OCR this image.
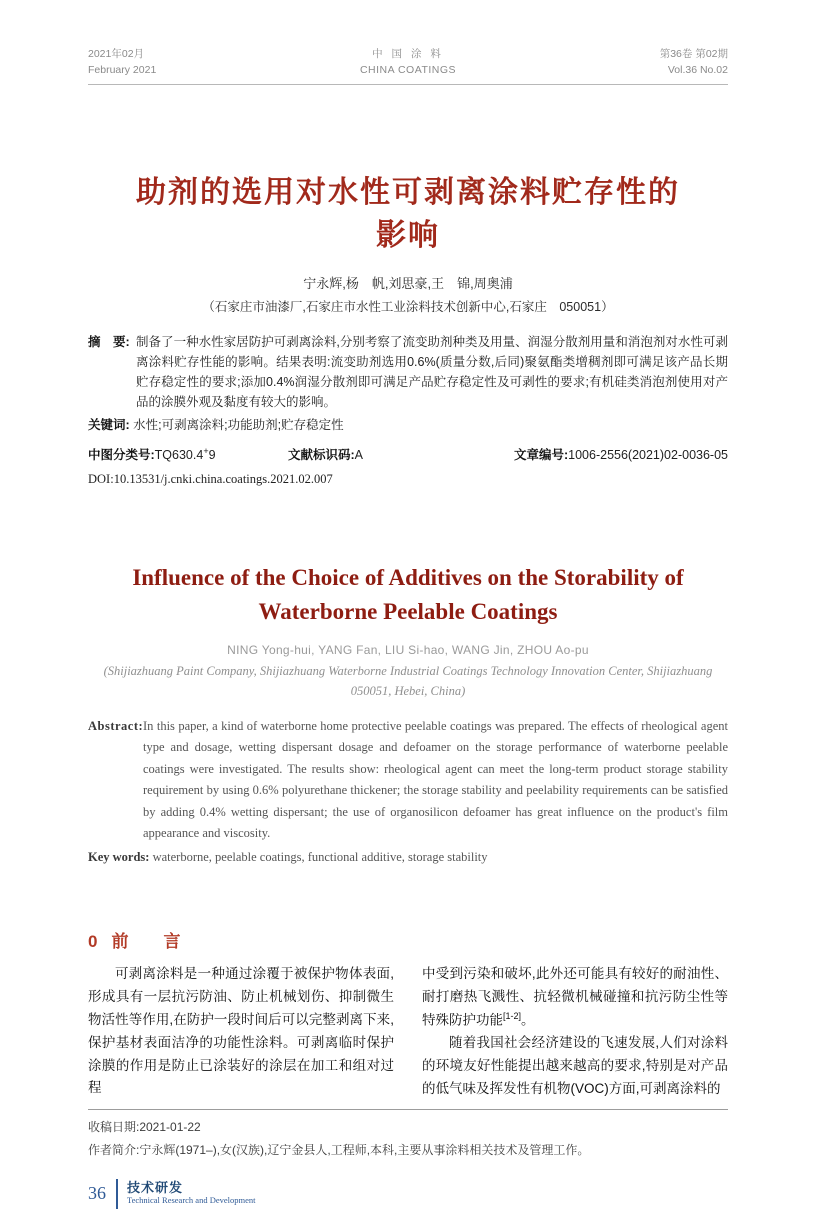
2021年02月
February 2021
中 国 涂 料
CHINA COATINGS
第36卷 第02期
Vol.36 No.02
助剂的选用对水性可剥离涂料贮存性的
影响
宁永辉,杨　帆,刘思豪,王　锦,周奥浦
（石家庄市油漆厂,石家庄市水性工业涂料技术创新中心,石家庄　050051）
摘　要: 制备了一种水性家居防护可剥离涂料,分别考察了流变助剂种类及用量、润湿分散剂用量和消泡剂对水性可剥离涂料贮存性能的影响。结果表明:流变助剂选用0.6%(质量分数,后同)聚氨酯类增稠剂即可满足该产品长期贮存稳定性的要求;添加0.4%润湿分散剂即可满足产品贮存稳定性及可剥性的要求;有机硅类消泡剂使用对产品的涂膜外观及黏度有较大的影响。
关键词: 水性;可剥离涂料;功能助剂;贮存稳定性
中图分类号:TQ630.4+9	文献标识码:A	文章编号:1006-2556(2021)02-0036-05
DOI:10.13531/j.cnki.china.coatings.2021.02.007
Influence of the Choice of Additives on the Storability of
Waterborne Peelable Coatings
NING Yong-hui, YANG Fan, LIU Si-hao, WANG Jin, ZHOU Ao-pu
(Shijiazhuang Paint Company, Shijiazhuang Waterborne Industrial Coatings Technology Innovation Center, Shijiazhuang 050051, Hebei, China)
Abstract: In this paper, a kind of waterborne home protective peelable coatings was prepared. The effects of rheological agent type and dosage, wetting dispersant dosage and defoamer on the storage performance of waterborne peelable coatings were investigated. The results show: rheological agent can meet the long-term product storage stability requirement by using 0.6% polyurethane thickener; the storage stability and peelability requirements can be satisfied by adding 0.4% wetting dispersant; the use of organosilicon defoamer has great influence on the product's film appearance and viscosity.
Key words: waterborne, peelable coatings, functional additive, storage stability
0 前　言

可剥离涂料是一种通过涂覆于被保护物体表面,形成具有一层抗污防油、防止机械划伤、抑制微生物活性等作用,在防护一段时间后可以完整剥离下来,保护基材表面洁净的功能性涂料。可剥离临时保护涂膜的作用是防止已涂装好的涂层在加工和组对过程

中受到污染和破坏,此外还可能具有较好的耐油性、耐打磨热飞溅性、抗轻微机械碰撞和抗污防尘性等特殊防护功能[1-2]。

随着我国社会经济建设的飞速发展,人们对涂料的环境友好性能提出越来越高的要求,特别是对产品的低气味及挥发性有机物(VOC)方面,可剥离涂料的

收稿日期:2021-01-22
作者简介:宁永辉(1971–),女(汉族),辽宁金县人,工程师,本科,主要从事涂料相关技术及管理工作。
36 技术研发
Technical Research and Development
